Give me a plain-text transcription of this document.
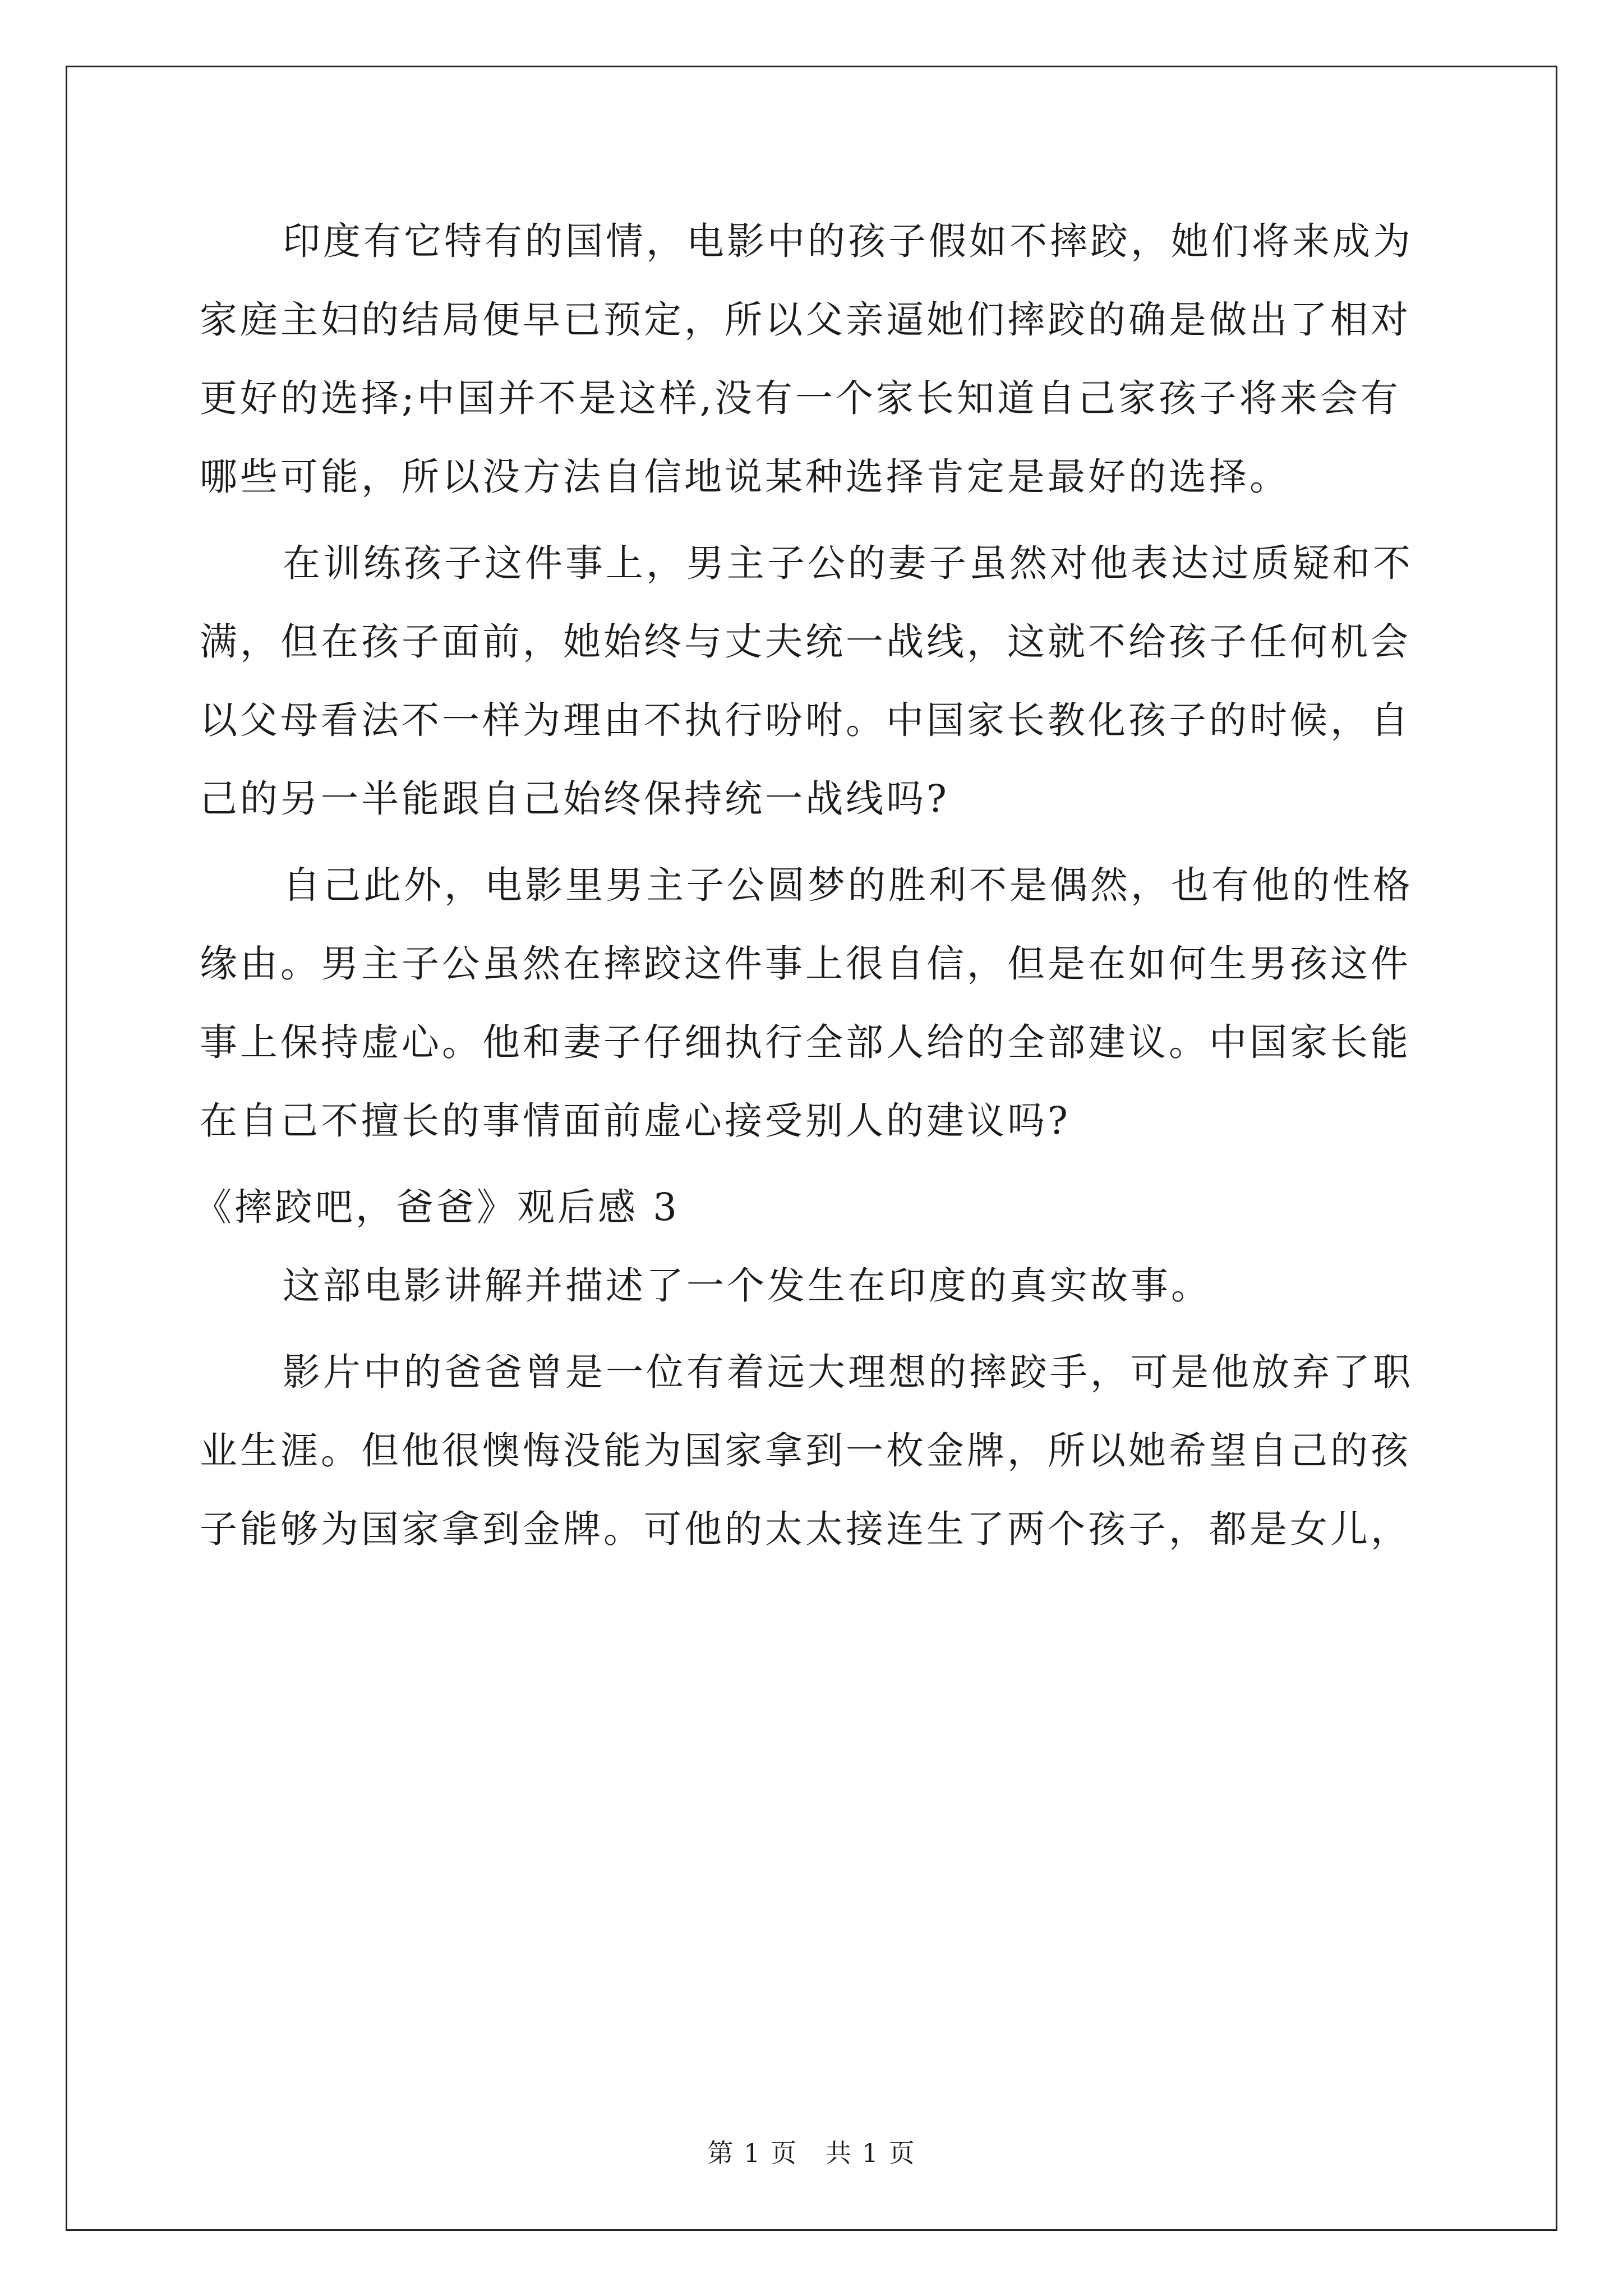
印度有它特有的国情，电影中的孩子假如不摔跤，她们将来成为
家庭主妇的结局便早已预定，所以父亲逼她们摔跤的确是做出了相对
更好的选择;中国并不是这样,没有一个家长知道自己家孩子将来会有
哪些可能，所以没方法自信地说某种选择肯定是最好的选择。
在训练孩子这件事上，男主子公的妻子虽然对他表达过质疑和不
满，但在孩子面前，她始终与丈夫统一战线，这就不给孩子任何机会
以父母看法不一样为理由不执行吩咐。中国家长教化孩子的时候，自
己的另一半能跟自己始终保持统一战线吗?
自己此外，电影里男主子公圆梦的胜利不是偶然，也有他的性格
缘由。男主子公虽然在摔跤这件事上很自信，但是在如何生男孩这件
事上保持虚心。他和妻子仔细执行全部人给的全部建议。中国家长能
在自己不擅长的事情面前虚心接受别人的建议吗?
《摔跤吧，爸爸》观后感 3
这部电影讲解并描述了一个发生在印度的真实故事。
影片中的爸爸曾是一位有着远大理想的摔跤手，可是他放弃了职
业生涯。但他很懊悔没能为国家拿到一枚金牌，所以她希望自己的孩
子能够为国家拿到金牌。可他的太太接连生了两个孩子，都是女儿，
第 1 页 共 1 页
